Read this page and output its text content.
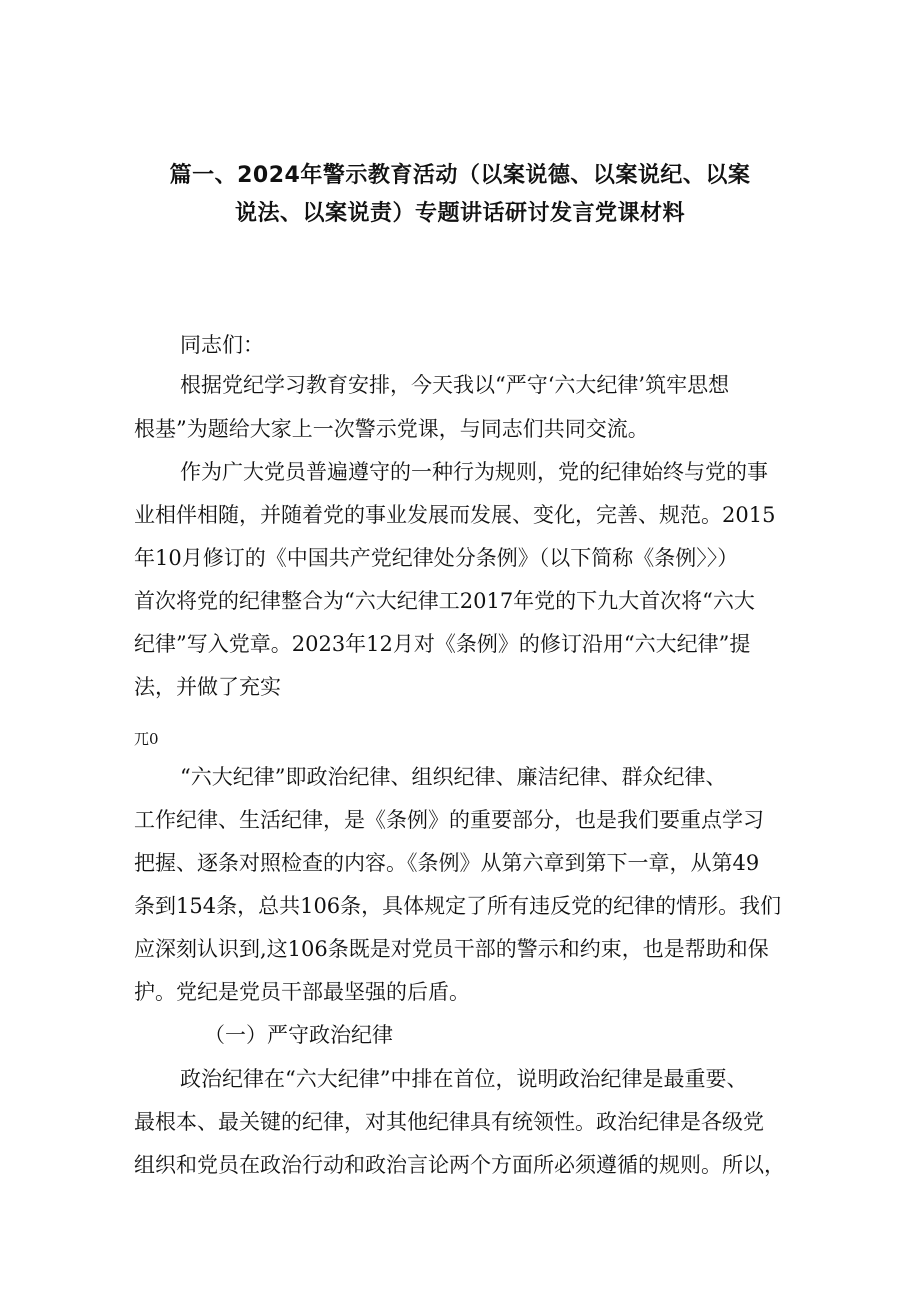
篇一、2024年警示教育活动（以案说德、以案说纪、以案
说法、以案说责）专题讲话研讨发言党课材料
同志们：
根据党纪学习教育安排，今天我以“严守‘六大纪律’筑牢思想
根基”为题给大家上一次警示党课，与同志们共同交流。
作为广大党员普遍遵守的一种行为规则，党的纪律始终与党的事
业相伴相随，并随着党的事业发展而发展、变化，完善、规范。2015
年10月修订的《中国共产党纪律处分条例》（以下简称《条例〉〉）
首次将党的纪律整合为“六大纪律工2017年党的下九大首次将“六大
纪律”写入党章。2023年12月对《条例》的修订沿用“六大纪律”提
法，并做了充实
兀0
“六大纪律”即政治纪律、组织纪律、廉洁纪律、群众纪律、
工作纪律、生活纪律，是《条例》的重要部分，也是我们要重点学习
把握、逐条对照检查的内容。《条例》从第六章到第下一章，从第49
条到154条，总共106条，具体规定了所有违反党的纪律的情形。我们
应深刻认识到,这106条既是对党员干部的警示和约束，也是帮助和保
护。党纪是党员干部最坚强的后盾。
（一）严守政治纪律
政治纪律在“六大纪律”中排在首位，说明政治纪律是最重要、
最根本、最关键的纪律，对其他纪律具有统领性。政治纪律是各级党
组织和党员在政治行动和政治言论两个方面所必须遵循的规则。所以，
